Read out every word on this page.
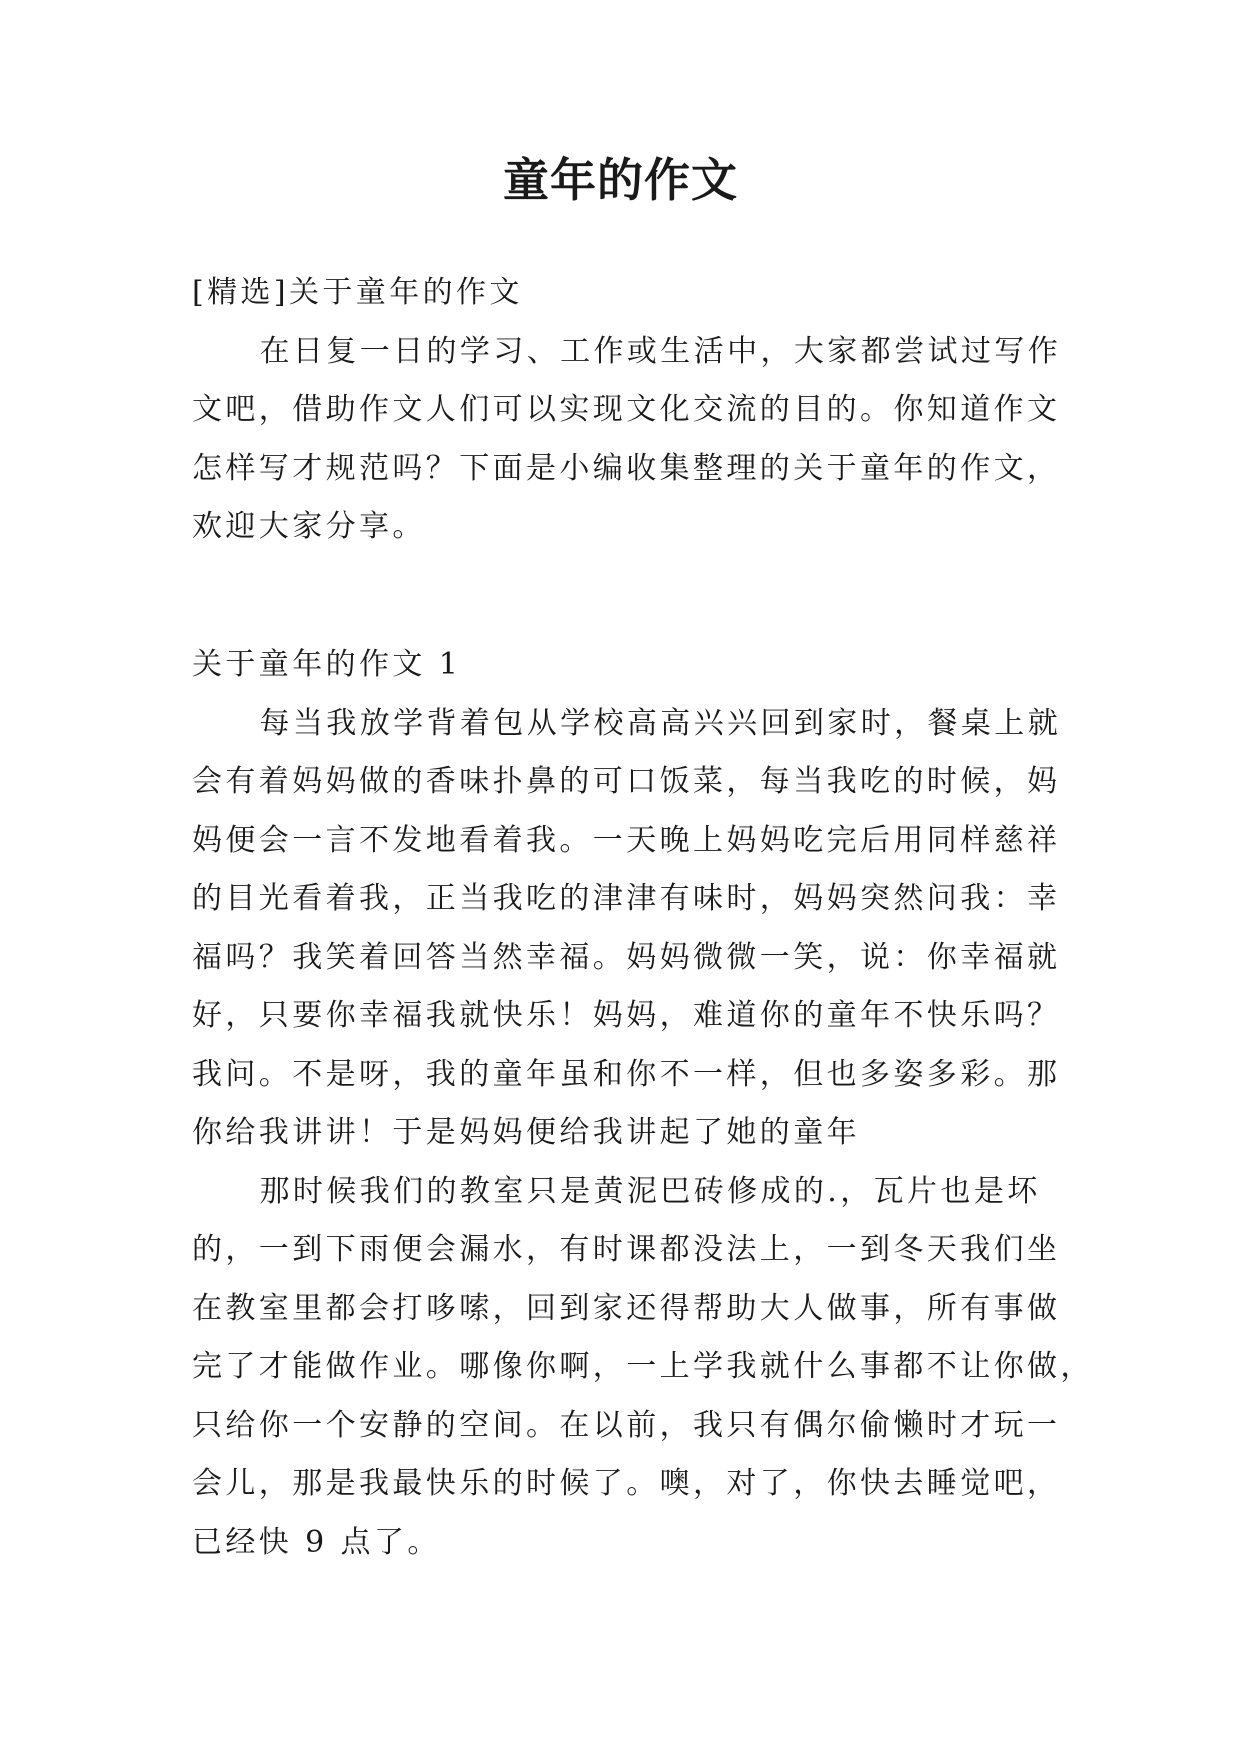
童年的作文

[精选]关于童年的作文

在日复一日的学习、工作或生活中，大家都尝试过写作
文吧，借助作文人们可以实现文化交流的目的。你知道作文
怎样写才规范吗？下面是小编收集整理的关于童年的作文，
欢迎大家分享。

关于童年的作文 1

每当我放学背着包从学校高高兴兴回到家时，餐桌上就
会有着妈妈做的香味扑鼻的可口饭菜，每当我吃的时候，妈
妈便会一言不发地看着我。一天晚上妈妈吃完后用同样慈祥
的目光看着我，正当我吃的津津有味时，妈妈突然问我：幸
福吗？我笑着回答当然幸福。妈妈微微一笑，说：你幸福就
好，只要你幸福我就快乐！妈妈，难道你的童年不快乐吗？
我问。不是呀，我的童年虽和你不一样，但也多姿多彩。那
你给我讲讲！于是妈妈便给我讲起了她的童年

那时候我们的教室只是黄泥巴砖修成的.，瓦片也是坏
的，一到下雨便会漏水，有时课都没法上，一到冬天我们坐
在教室里都会打哆嗦，回到家还得帮助大人做事，所有事做
完了才能做作业。哪像你啊，一上学我就什么事都不让你做，
只给你一个安静的空间。在以前，我只有偶尔偷懒时才玩一
会儿，那是我最快乐的时候了。噢，对了，你快去睡觉吧，
已经快 9 点了。
